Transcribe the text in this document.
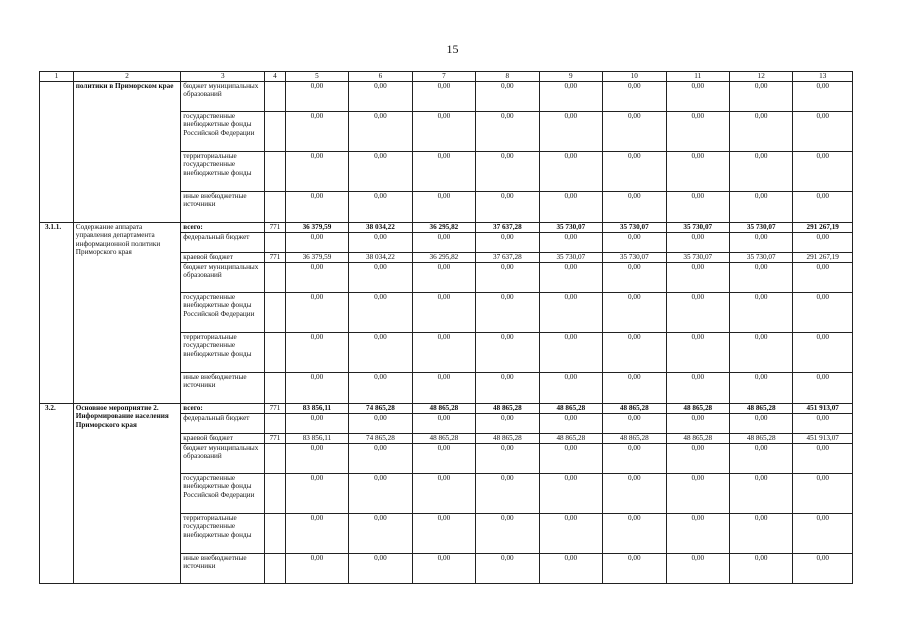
15
1	2	3	4	5	6	7	8	9	10	11	12	13
	политики в Приморском крае	бюджет муниципальных образований		0,00	0,00	0,00	0,00	0,00	0,00	0,00	0,00	0,00
		государственные внебюджетные фонды Российской Федерации		0,00	0,00	0,00	0,00	0,00	0,00	0,00	0,00	0,00
		территориальные государственные внебюджетные фонды		0,00	0,00	0,00	0,00	0,00	0,00	0,00	0,00	0,00
		иные внебюджетные источники		0,00	0,00	0,00	0,00	0,00	0,00	0,00	0,00	0,00
3.1.1.	Содержание аппарата управления департамента информационной политики Приморского края	всего:	771	36 379,59	38 034,22	36 295,82	37 637,28	35 730,07	35 730,07	35 730,07	35 730,07	291 267,19
		федеральный бюджет		0,00	0,00	0,00	0,00	0,00	0,00	0,00	0,00	0,00
		краевой бюджет	771	36 379,59	38 034,22	36 295,82	37 637,28	35 730,07	35 730,07	35 730,07	35 730,07	291 267,19
		бюджет муниципальных образований		0,00	0,00	0,00	0,00	0,00	0,00	0,00	0,00	0,00
		государственные внебюджетные фонды Российской Федерации		0,00	0,00	0,00	0,00	0,00	0,00	0,00	0,00	0,00
		территориальные государственные внебюджетные фонды		0,00	0,00	0,00	0,00	0,00	0,00	0,00	0,00	0,00
		иные внебюджетные источники		0,00	0,00	0,00	0,00	0,00	0,00	0,00	0,00	0,00
3.2.	Основное мероприятие 2. Информирование населения Приморского края	всего:	771	83 856,11	74 865,28	48 865,28	48 865,28	48 865,28	48 865,28	48 865,28	48 865,28	451 913,07
		федеральный бюджет		0,00	0,00	0,00	0,00	0,00	0,00	0,00	0,00	0,00
		краевой бюджет	771	83 856,11	74 865,28	48 865,28	48 865,28	48 865,28	48 865,28	48 865,28	48 865,28	451 913,07
		бюджет муниципальных образований		0,00	0,00	0,00	0,00	0,00	0,00	0,00	0,00	0,00
		государственные внебюджетные фонды Российской Федерации		0,00	0,00	0,00	0,00	0,00	0,00	0,00	0,00	0,00
		территориальные государственные внебюджетные фонды		0,00	0,00	0,00	0,00	0,00	0,00	0,00	0,00	0,00
		иные внебюджетные источники		0,00	0,00	0,00	0,00	0,00	0,00	0,00	0,00	0,00
